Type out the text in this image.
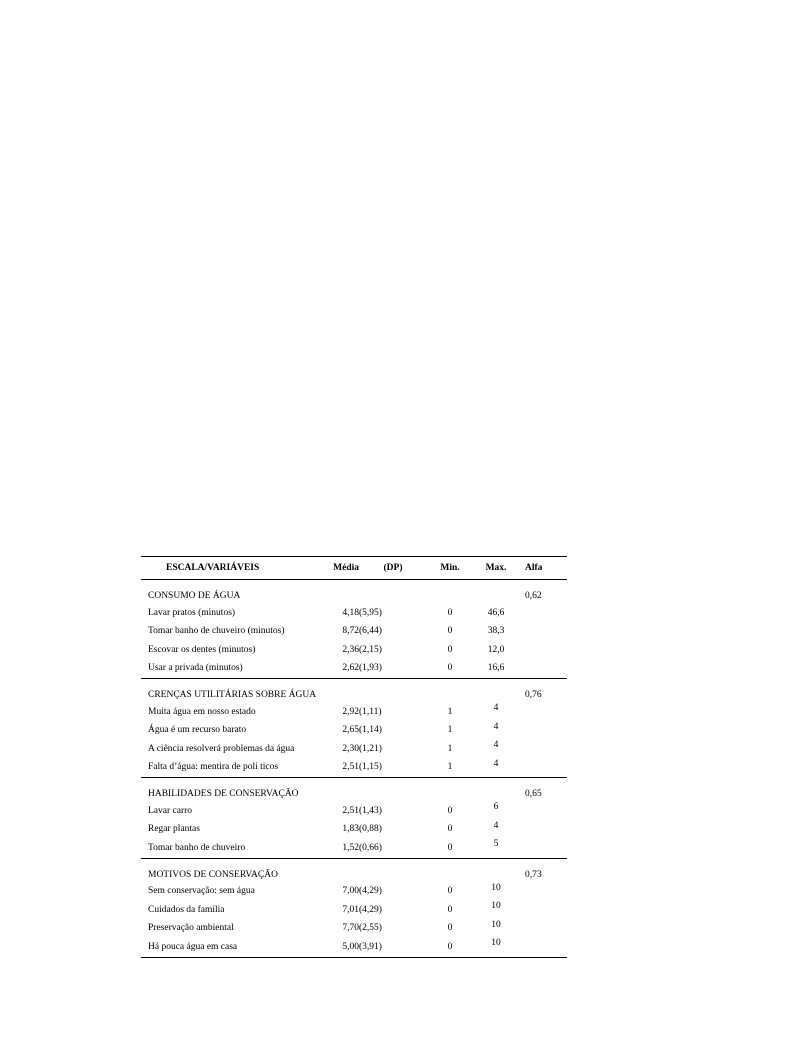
ESCALA/VARIÁVEIS	Média	(DP)	Min.	Max.	Alfa
CONSUMO DE ÁGUA					0,62
Lavar pratos (minutos)	4,18	(5,95)	0	46,6	
Tomar banho de chuveiro (minutos)	8,72	(6,44)	0	38,3	
Escovar os dentes (minutos)	2,36	(2,15)	0	12,0	
Usar a privada (minutos)	2,62	(1,93)	0	16,6	
CRENÇAS UTILITÁRIAS SOBRE ÁGUA					0,76
Muita água em nosso estado	2,92	(1,11)	1	4	
Água é um recurso barato	2,65	(1,14)	1	4	
A ciência resolverá problemas da água	2,30	(1,21)	1	4	
Falta d’água: mentira de polí ticos	2,51	(1,15)	1	4	
HABILIDADES DE CONSERVAÇÃO					0,65
Lavar carro	2,51	(1,43)	0	6	
Regar plantas	1,83	(0,88)	0	4	
Tomar banho de chuveiro	1,52	(0,66)	0	5	
MOTIVOS DE CONSERVAÇÃO					0,73
Sem conservação: sem água	7,00	(4,29)	0	10	
Cuidados da família	7,01	(4,29)	0	10	
Preservação ambiental	7,70	(2,55)	0	10	
Há pouca água em casa	5,00	(3,91)	0	10	
